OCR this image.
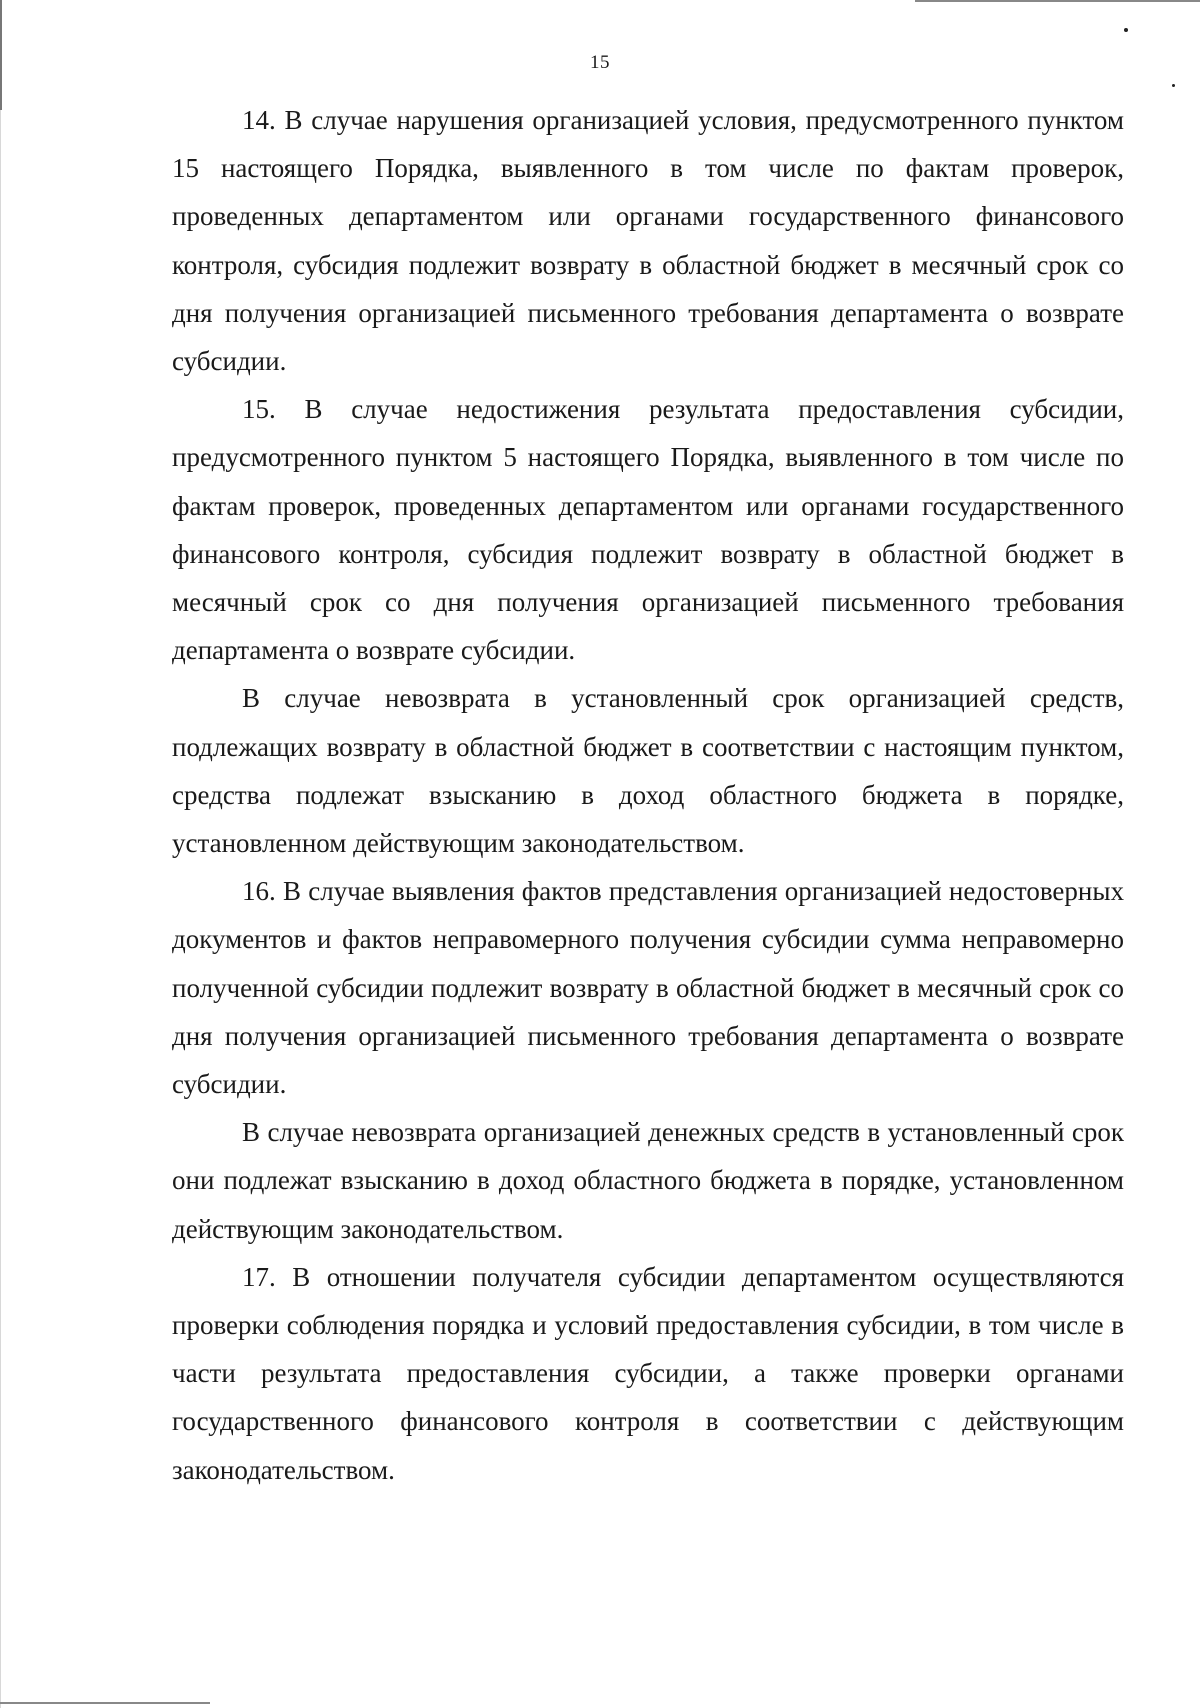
15

14. В случае нарушения организацией условия, предусмотренного пунктом 15 настоящего Порядка, выявленного в том числе по фактам проверок, проведенных департаментом или органами государственного финансового контроля, субсидия подлежит возврату в областной бюджет в месячный срок со дня получения организацией письменного требования департамента о возврате субсидии.

15. В случае недостижения результата предоставления субсидии, предусмотренного пунктом 5 настоящего Порядка, выявленного в том числе по фактам проверок, проведенных департаментом или органами государственного финансового контроля, субсидия подлежит возврату в областной бюджет в месячный срок со дня получения организацией письменного требования департамента о возврате субсидии.

В случае невозврата в установленный срок организацией средств, подлежащих возврату в областной бюджет в соответствии с настоящим пунктом, средства подлежат взысканию в доход областного бюджета в порядке, установленном действующим законодательством.

16. В случае выявления фактов представления организацией недостоверных документов и фактов неправомерного получения субсидии сумма неправомерно полученной субсидии подлежит возврату в областной бюджет в месячный срок со дня получения организацией письменного требования департамента о возврате субсидии.

В случае невозврата организацией денежных средств в установленный срок они подлежат взысканию в доход областного бюджета в порядке, установленном действующим законодательством.

17. В отношении получателя субсидии департаментом осуществляются проверки соблюдения порядка и условий предоставления субсидии, в том числе в части результата предоставления субсидии, а также проверки органами государственного финансового контроля в соответствии с действующим законодательством.
